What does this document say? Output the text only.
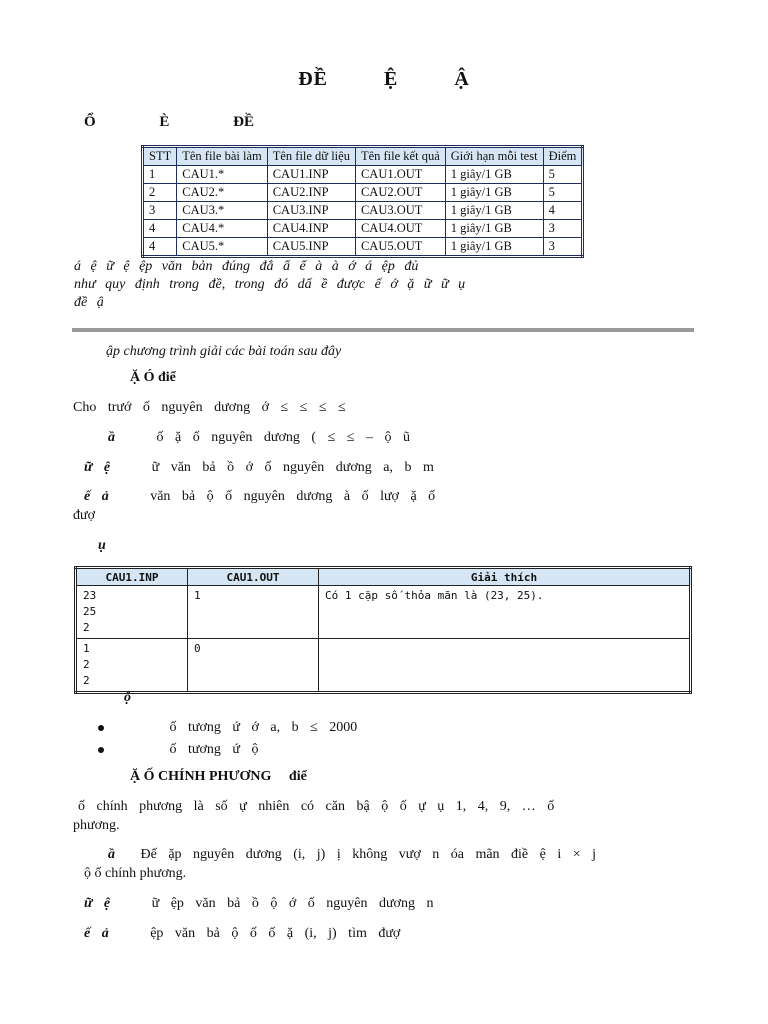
ĐỀ Ệ Ậ
Ổ È ĐỀ
STT	Tên file bài làm	Tên file dữ liệu	Tên file kết quả	Giới hạn mỗi test	Điểm
1	CAU1.*	CAU1.INP	CAU1.OUT	1 giây/1 GB	5
2	CAU2.*	CAU2.INP	CAU2.OUT	1 giây/1 GB	5
3	CAU3.*	CAU3.INP	CAU3.OUT	1 giây/1 GB	4
4	CAU4.*	CAU4.INP	CAU4.OUT	1 giây/1 GB	3
4	CAU5.*	CAU5.INP	CAU5.OUT	1 giây/1 GB	3
á ệ ữ ệ ệp văn bản đúng đắ ẩ ể à à ớ á ệp đủ
như quy định trong đề, trong đó dấ ề được ế ớ ặ ữ ữ ụ
đề ậ
ập chương trình giải các bài toán sau đây
Ặ Ó điể
Cho trướ ố nguyên dương ớ ≤ ≤ ≤ ≤
ầ	ố ặ ố nguyên dương ( ≤ ≤ – ộ ũ
ữ ệ	ữ văn bả ồ ớ ố nguyên dương a, b m
ế ả	văn bả ộ ố nguyên dương à ố lượ ặ ố
đượ
ụ
CAU1.INP	CAU1.OUT	Giải thích

23
25
2	1	Có 1 cặp số thỏa mãn là (23, 25).

1
2
2	0	
ộ
ố tương ứ ớ a, b ≤ 2000
ố tương ứ ộ
Ặ Ố CHÍNH PHƯƠNG điể
ố chính phương là số ự nhiên có căn bậ ộ ố ự ụ 1, 4, 9, … ố
phương.
ầ Đế ặp nguyên dương (i, j) ị không vượ n óa mãn điề ệ i × j
ộ ố chính phương.
ữ ệ	ữ ệp văn bả ồ ộ ớ ố nguyên dương n
ế ả	ệp văn bả ộ ố ố ặ (i, j) tìm đượ
